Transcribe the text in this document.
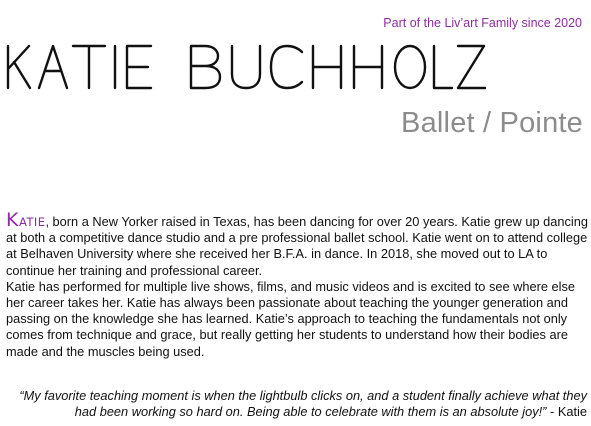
Part of the Liv’art Family since 2020
Ballet / Pointe

KATIE, born a New Yorker raised in Texas, has been dancing for over 20 years. Katie grew up dancing at both a competitive dance studio and a pre professional ballet school. Katie went on to attend college at Belhaven University where she received her B.F.A. in dance. In 2018, she moved out to LA to continue her training and professional career.

Katie has performed for multiple live shows, films, and music videos and is excited to see where else her career takes her. Katie has always been passionate about teaching the younger generation and passing on the knowledge she has learned. Katie’s approach to teaching the fundamentals not only comes from technique and grace, but really getting her students to understand how their bodies are made and the muscles being used.

“My favorite teaching moment is when the lightbulb clicks on, and a student finally achieve what they had been working so hard on. Being able to celebrate with them is an absolute joy!” - Katie
